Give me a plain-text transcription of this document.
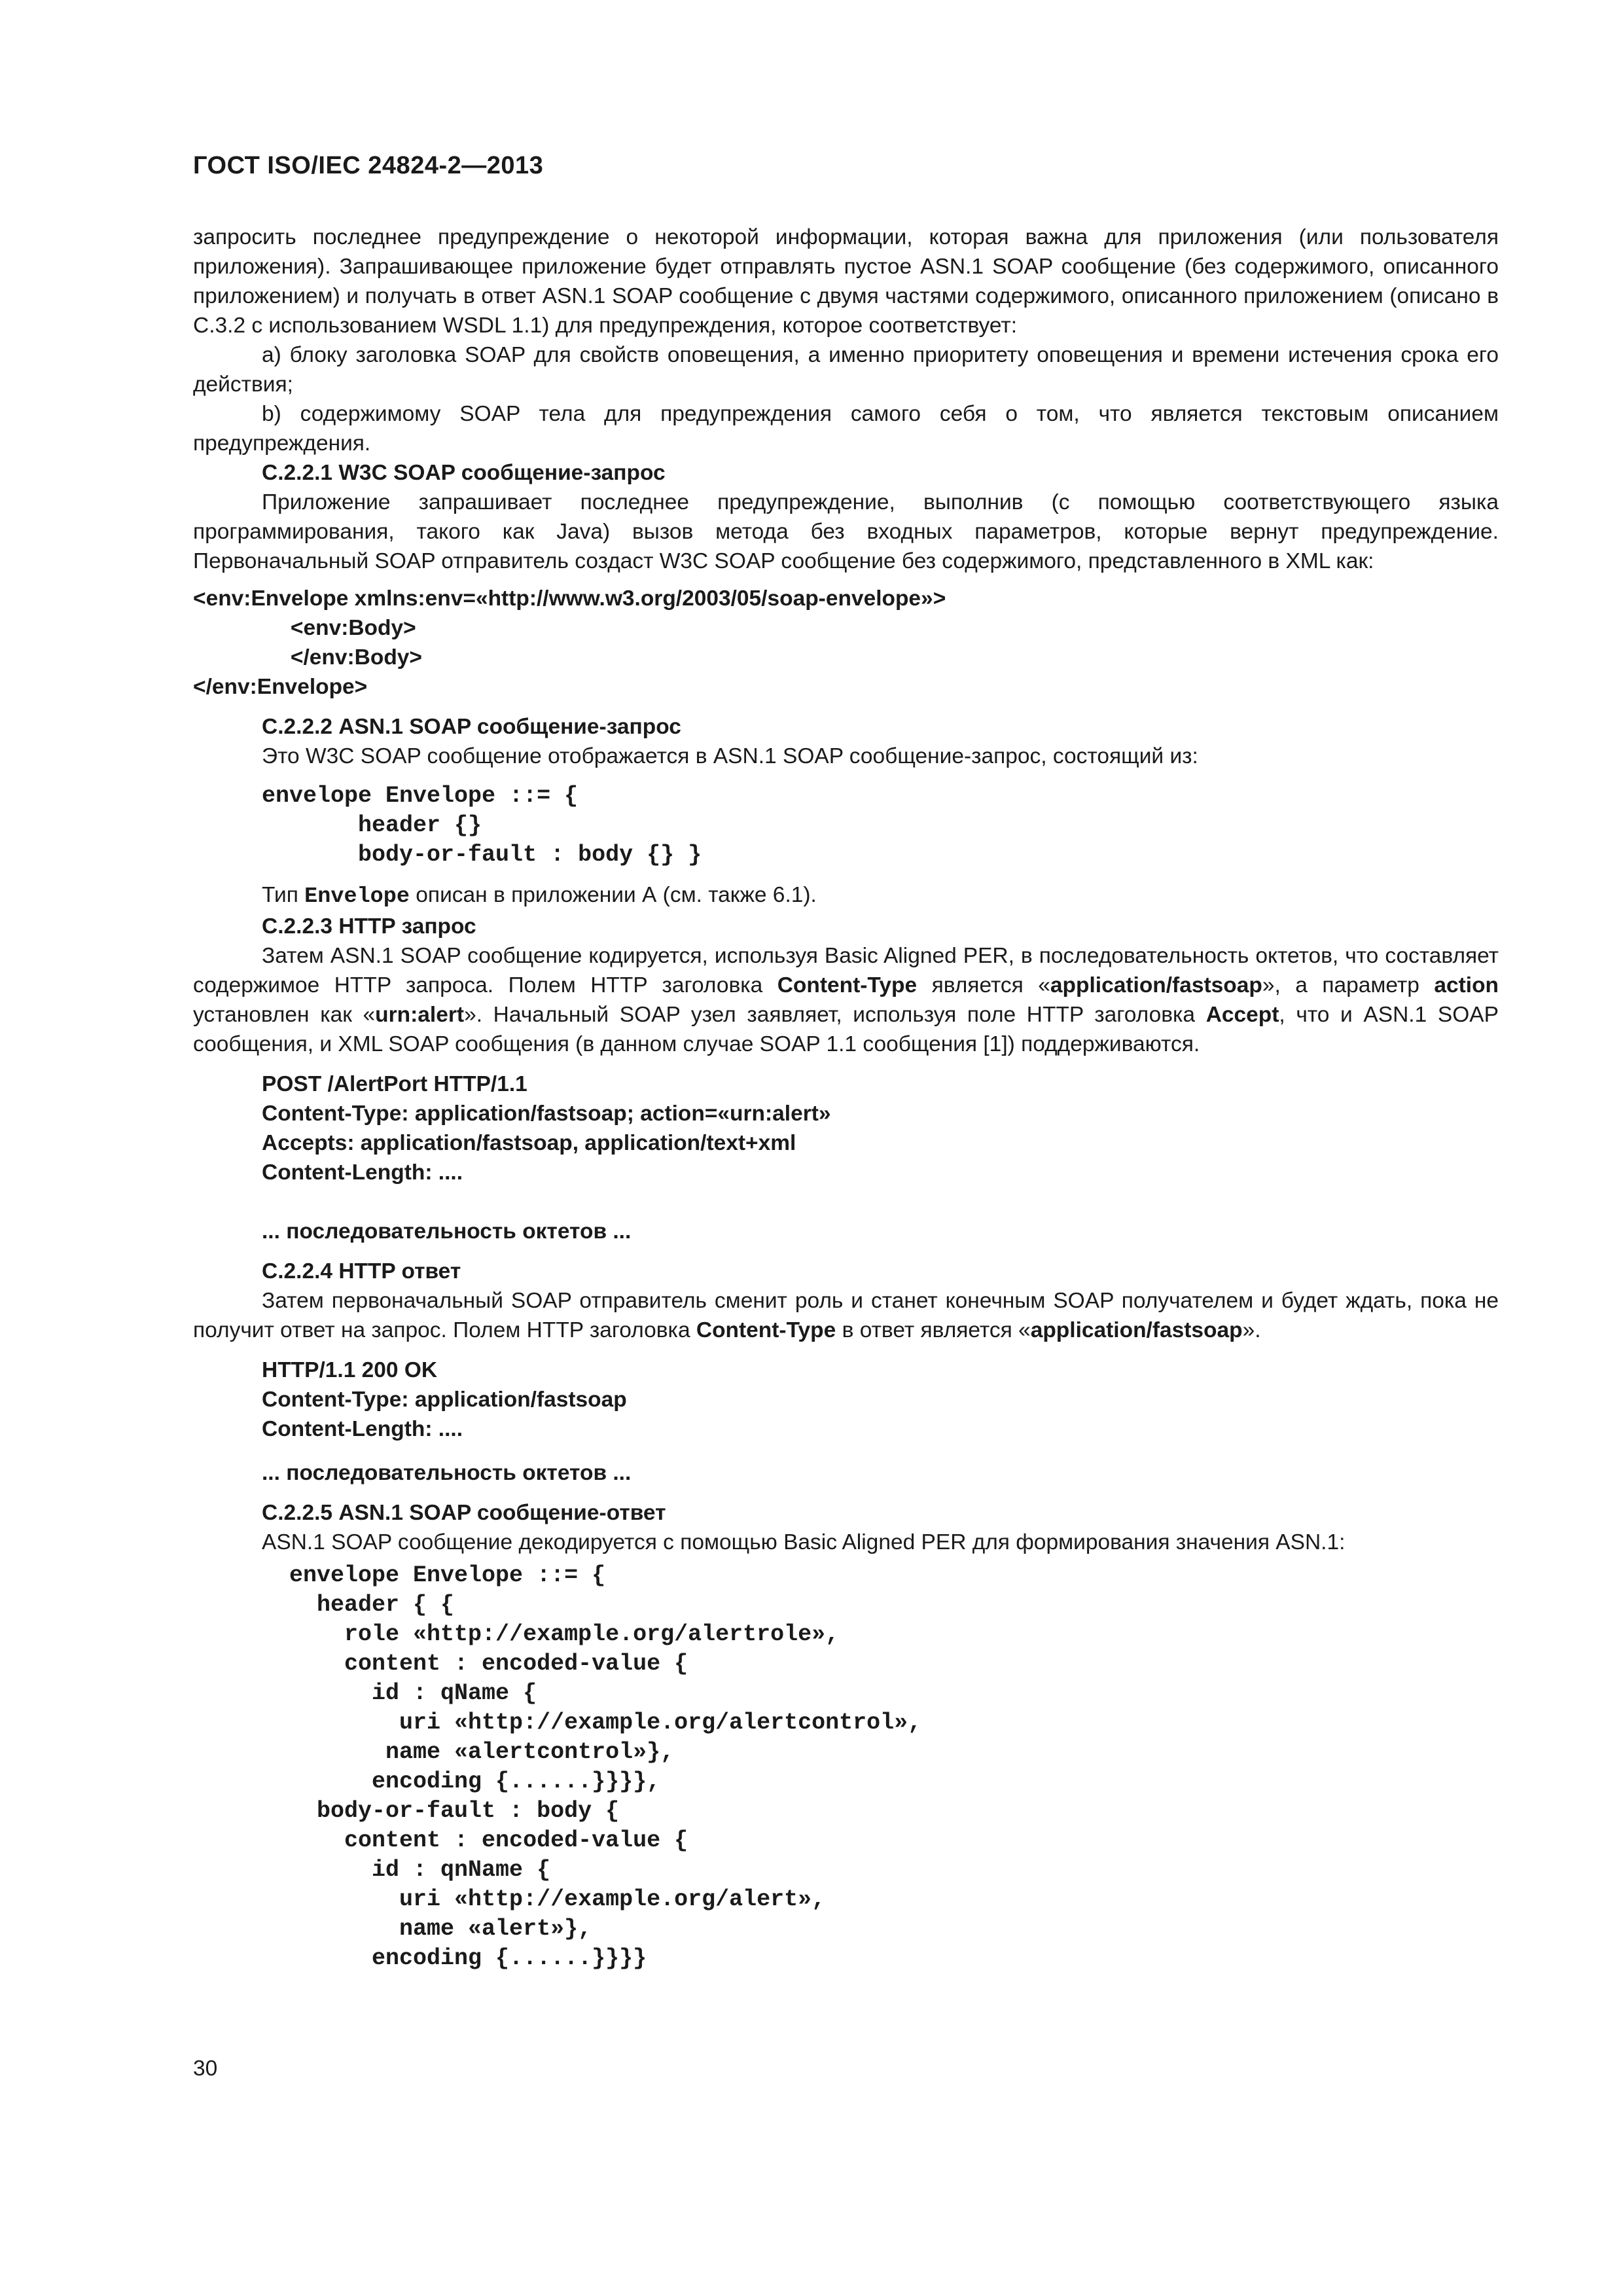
ГОСТ ISO/IEC 24824-2—2013

запросить последнее предупреждение о некоторой информации, которая важна для приложения (или пользователя приложения). Запрашивающее приложение будет отправлять пустое ASN.1 SOAP сообщение (без содержимого, описанного приложением) и получать в ответ ASN.1 SOAP сообщение с двумя частями содержимого, описанного приложением (описано в С.3.2 с использованием WSDL 1.1) для предупреждения, которое соответствует:

a) блоку заголовка SOAP для свойств оповещения, а именно приоритету оповещения и времени истечения срока его действия;

b) содержимому SOAP тела для предупреждения самого себя о том, что является текстовым описанием предупреждения.

С.2.2.1 W3C SOAP сообщение-запрос

Приложение запрашивает последнее предупреждение, выполнив (с помощью соответствующего языка программирования, такого как Java) вызов метода без входных параметров, которые вернут предупреждение. Первоначальный SOAP отправитель создаст W3C SOAP сообщение без содержимого, представленного в XML как:

<env:Envelope xmlns:env=«http://www.w3.org/2003/05/soap-envelope»>
<env:Body>
</env:Body>
</env:Envelope>

С.2.2.2 ASN.1 SOAP сообщение-запрос

Это W3C SOAP сообщение отображается в ASN.1 SOAP сообщение-запрос, состоящий из:

envelope Envelope ::= {
header {}
body-or-fault : body {} }

Тип Envelope описан в приложении А (см. также 6.1).

С.2.2.3 HTTP запрос

Затем ASN.1 SOAP сообщение кодируется, используя Basic Aligned PER, в последовательность октетов, что составляет содержимое HTTP запроса. Полем HTTP заголовка Content-Type является «application/fastsoap», а параметр action установлен как «urn:alert». Начальный SOAP узел заявляет, используя поле HTTP заголовка Accept, что и ASN.1 SOAP сообщения, и XML SOAP сообщения (в данном случае SOAP 1.1 сообщения [1]) поддерживаются.

POST /AlertPort HTTP/1.1
Content-Type: application/fastsoap; action=«urn:alert»
Accepts: application/fastsoap, application/text+xml
Content-Length: ....

... последовательность октетов ...

С.2.2.4 HTTP ответ

Затем первоначальный SOAP отправитель сменит роль и станет конечным SOAP получателем и будет ждать, пока не получит ответ на запрос. Полем HTTP заголовка Content-Type в ответ является «application/fastsoap».

HTTP/1.1 200 OK
Content-Type: application/fastsoap
Content-Length: ....

... последовательность октетов ...

С.2.2.5 ASN.1 SOAP сообщение-ответ

ASN.1 SOAP сообщение декодируется с помощью Basic Aligned PER для формирования значения ASN.1:

envelope Envelope ::= {
header { {
role «http://example.org/alertrole»,
content : encoded-value {
id : qName {
uri «http://example.org/alertcontrol»,
name «alertcontrol»},
encoding {......}}}},
body-or-fault : body {
content : encoded-value {
id : qnName {
uri «http://example.org/alert»,
name «alert»},
encoding {......}}}}
30
